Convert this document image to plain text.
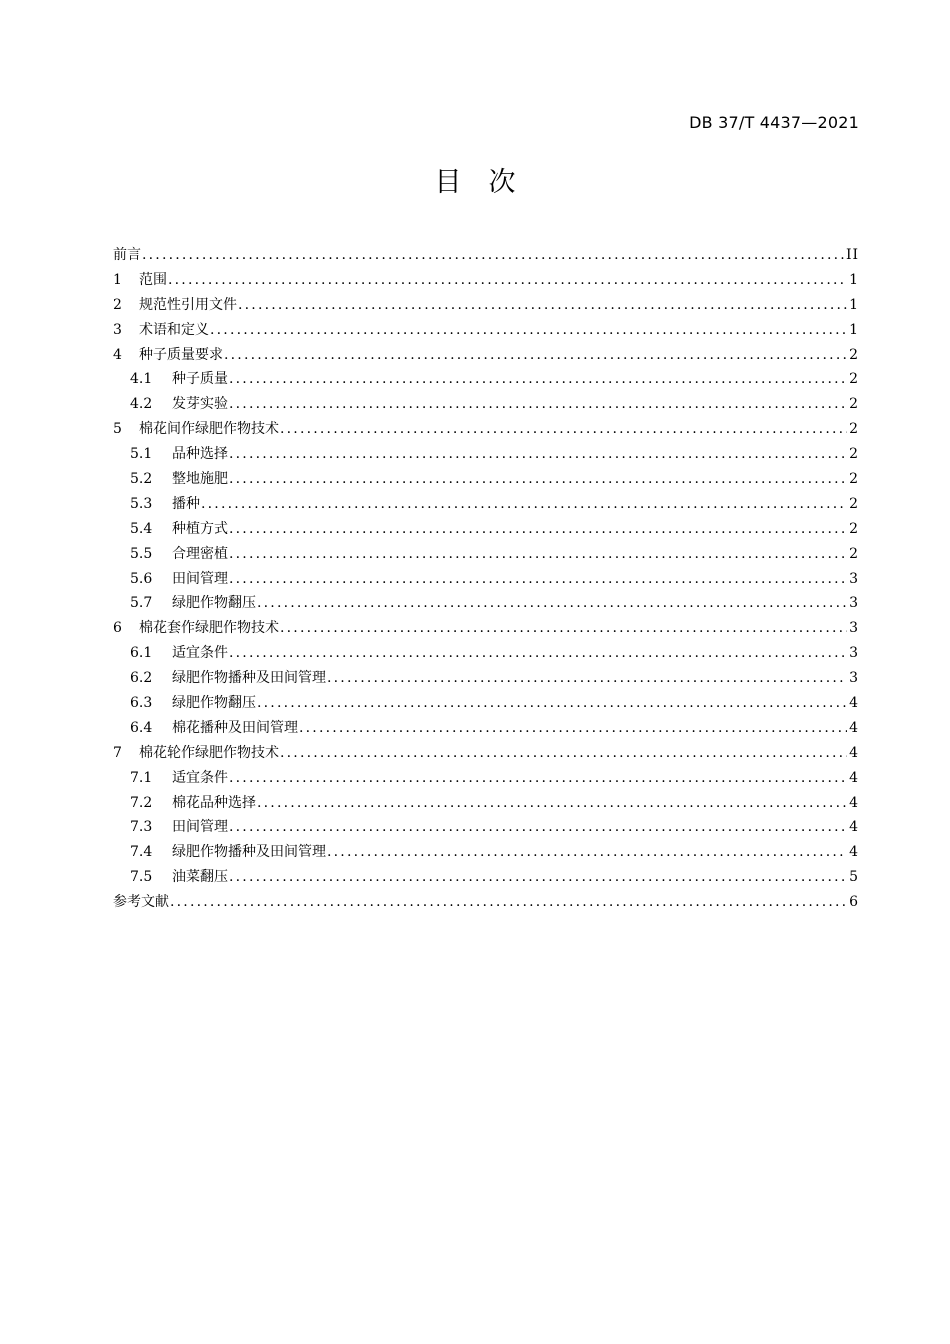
DB 37/T 4437—2021
目　次
前言 .....	II
1	范围 .....	1
2	规范性引用文件 .....	1
3	术语和定义 .....	1
4	种子质量要求 .....	2
4.1	种子质量 .....	2
4.2	发芽实验 .....	2
5	棉花间作绿肥作物技术 .....	2
5.1	品种选择 .....	2
5.2	整地施肥 .....	2
5.3	播种 .....	2
5.4	种植方式 .....	2
5.5	合理密植 .....	2
5.6	田间管理 .....	3
5.7	绿肥作物翻压 .....	3
6	棉花套作绿肥作物技术 .....	3
6.1	适宜条件 .....	3
6.2	绿肥作物播种及田间管理 .....	3
6.3	绿肥作物翻压 .....	4
6.4	棉花播种及田间管理 .....	4
7	棉花轮作绿肥作物技术 .....	4
7.1	适宜条件 .....	4
7.2	棉花品种选择 .....	4
7.3	田间管理 .....	4
7.4	绿肥作物播种及田间管理 .....	4
7.5	油菜翻压 .....	5
参考文献 .....	6
